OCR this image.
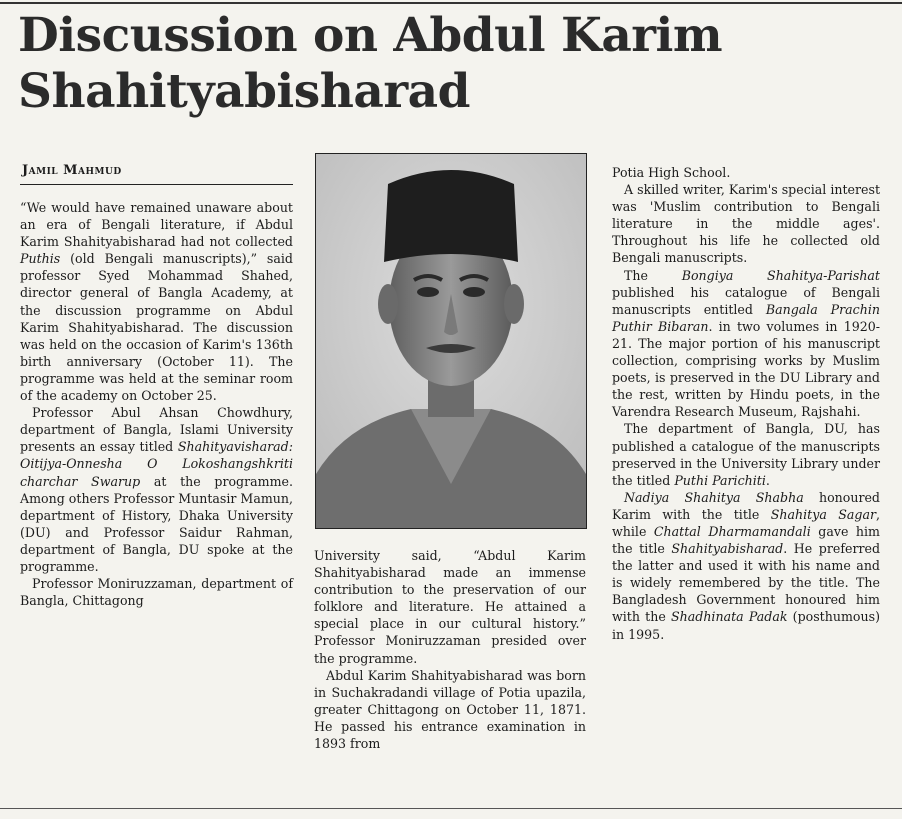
Discussion on Abdul Karim Shahityabisharad

Jamil Mahmud

“We would have remained unaware about an era of Bengali literature, if Abdul Karim Shahityabisharad had not collected Puthis (old Bengali manuscripts),” said professor Syed Mohammad Shahed, director general of Bangla Academy, at the discussion programme on Abdul Karim Shahityabisharad. The discussion was held on the occasion of Karim's 136th birth anniversary (October 11). The programme was held at the seminar room of the academy on October 25.

Professor Abul Ahsan Chowdhury, department of Bangla, Islami University presents an essay titled Shahityavisharad: Oitijya-Onnesha O Lokoshangshkriti charchar Swarup at the programme. Among others Professor Muntasir Mamun, department of History, Dhaka University (DU) and Professor Saidur Rahman, department of Bangla, DU spoke at the programme.

Professor Moniruzzaman, department of Bangla, Chittagong

University said, “Abdul Karim Shahityabisharad made an immense contribution to the preservation of our folklore and literature. He attained a special place in our cultural history.” Professor Moniruzzaman presided over the programme.

Abdul Karim Shahityabisharad was born in Suchakradandi village of Potia upazila, greater Chittagong on October 11, 1871. He passed his entrance examination in 1893 from

Potia High School.

A skilled writer, Karim's special interest was 'Muslim contribution to Bengali literature in the middle ages'. Throughout his life he collected old Bengali manuscripts.

The Bongiya Shahitya-Parishat published his catalogue of Bengali manuscripts entitled Bangala Prachin Puthir Bibaran. in two volumes in 1920-21. The major portion of his manuscript collection, comprising works by Muslim poets, is preserved in the DU Library and the rest, written by Hindu poets, in the Varendra Research Museum, Rajshahi.

The department of Bangla, DU, has published a catalogue of the manuscripts preserved in the University Library under the titled Puthi Parichiti.

Nadiya Shahitya Shabha honoured Karim with the title Shahitya Sagar, while Chattal Dharmamandali gave him the title Shahityabisharad. He preferred the latter and used it with his name and is widely remembered by the title. The Bangladesh Government honoured him with the Shadhinata Padak (posthumous) in 1995.
